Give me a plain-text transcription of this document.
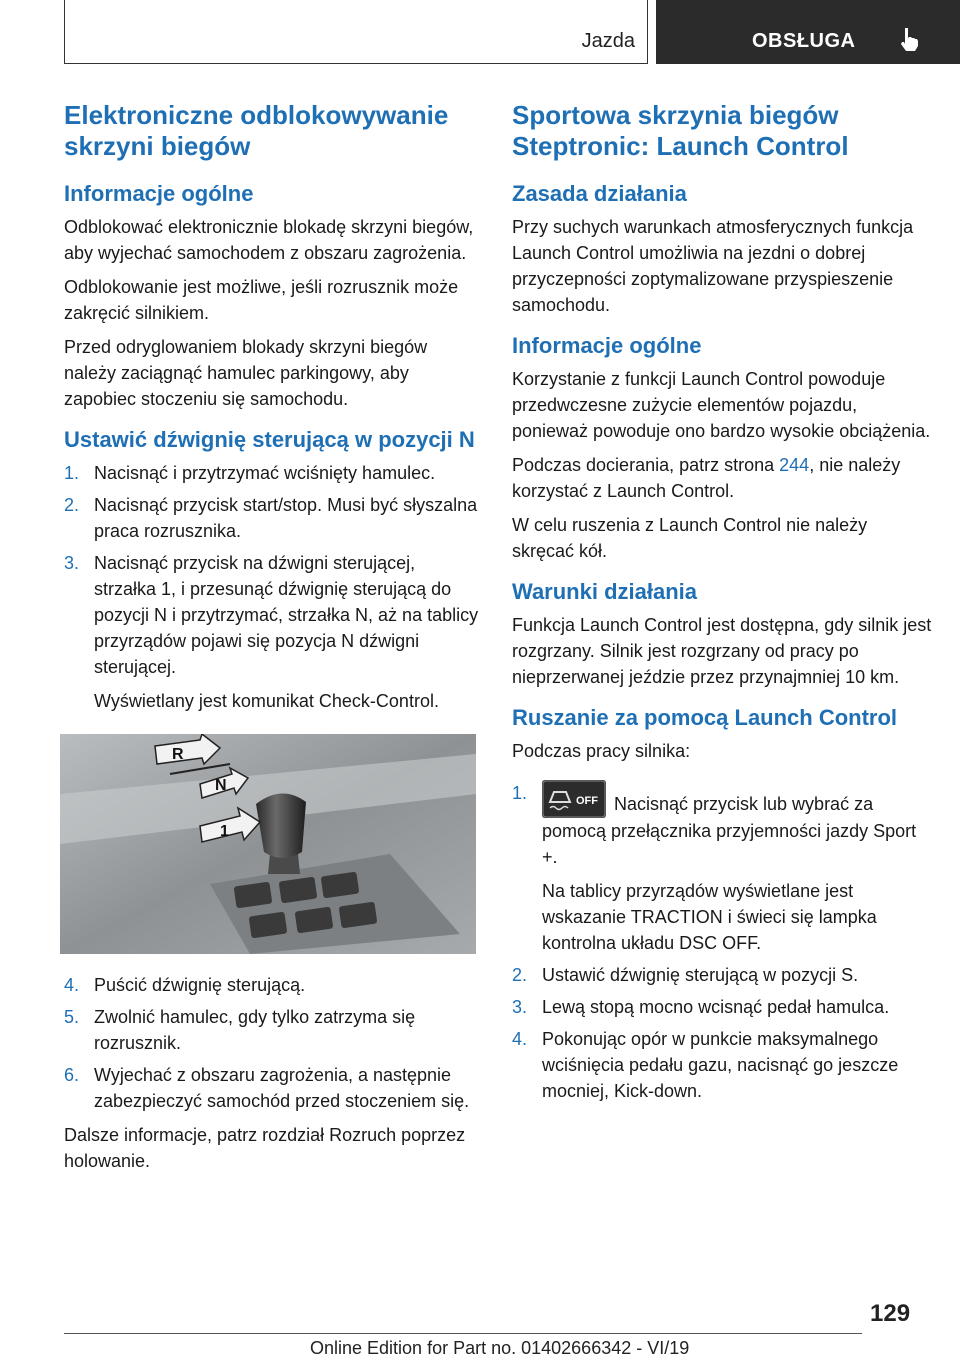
Jazda	OBSŁUGA
Elektroniczne odblokowywanie skrzyni biegów
Informacje ogólne

Odblokować elektronicznie blokadę skrzyni biegów, aby wyjechać samochodem z obszaru zagrożenia.

Odblokowanie jest możliwe, jeśli rozrusznik może zakręcić silnikiem.

Przed odryglowaniem blokady skrzyni biegów należy zaciągnąć hamulec parkingowy, aby zapobiec stoczeniu się samochodu.

Ustawić dźwignię sterującą w pozycji N
1. Nacisnąć i przytrzymać wciśnięty hamulec.
2. Nacisnąć przycisk start/stop. Musi być słyszalna praca rozrusznika.
3. Nacisnąć przycisk na dźwigni sterującej, strzałka 1, i przesunąć dźwignię sterującą do pozycji N i przytrzymać, strzałka N, aż na tablicy przyrządów pojawi się pozycja N dźwigni sterującej.
Wyświetlany jest komunikat Check-Control.
R
N
1
4. Puścić dźwignię sterującą.
5. Zwolnić hamulec, gdy tylko zatrzyma się rozrusznik.
6. Wyjechać z obszaru zagrożenia, a następnie zabezpieczyć samochód przed stoczeniem się.

Dalsze informacje, patrz rozdział Rozruch poprzez holowanie.

Sportowa skrzynia biegów Steptronic: Launch Control
Zasada działania

Przy suchych warunkach atmosferycznych funkcja Launch Control umożliwia na jezdni o dobrej przyczepności zoptymalizowane przyspieszenie samochodu.

Informacje ogólne

Korzystanie z funkcji Launch Control powoduje przedwczesne zużycie elementów pojazdu, ponieważ powoduje ono bardzo wysokie obciążenia.

Podczas docierania, patrz strona 244, nie należy korzystać z Launch Control.

W celu ruszenia z Launch Control nie należy skręcać kół.

Warunki działania

Funkcja Launch Control jest dostępna, gdy silnik jest rozgrzany. Silnik jest rozgrzany od pracy po nieprzerwanej jeździe przez przynajmniej 10 km.

Ruszanie za pomocą Launch Control

Podczas pracy silnika:

1.	OFF Nacisnąć przycisk lub wybrać za pomocą przełącznika przyjemności jazdy Sport +.
Na tablicy przyrządów wyświetlane jest wskazanie TRACTION i świeci się lampka kontrolna układu DSC OFF.
2. Ustawić dźwignię sterującą w pozycji S.
3. Lewą stopą mocno wcisnąć pedał hamulca.
4. Pokonując opór w punkcie maksymalnego wciśnięcia pedału gazu, nacisnąć go jeszcze mocniej, Kick-down.
129
Online Edition for Part no. 01402666342 - VI/19
